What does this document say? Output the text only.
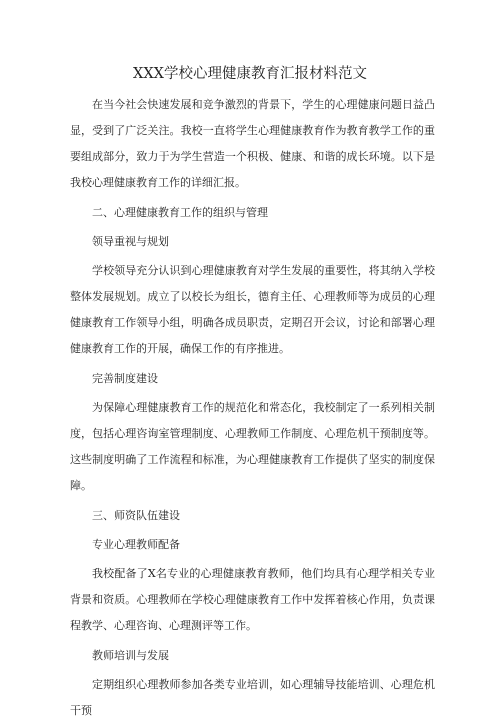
XXX学校心理健康教育汇报材料范文

在当今社会快速发展和竞争激烈的背景下，学生的心理健康问题日益凸显，受到了广泛关注。我校一直将学生心理健康教育作为教育教学工作的重要组成部分，致力于为学生营造一个积极、健康、和谐的成长环境。以下是我校心理健康教育工作的详细汇报。

二、心理健康教育工作的组织与管理

领导重视与规划

学校领导充分认识到心理健康教育对学生发展的重要性，将其纳入学校整体发展规划。成立了以校长为组长，德育主任、心理教师等为成员的心理健康教育工作领导小组，明确各成员职责，定期召开会议，讨论和部署心理健康教育工作的开展，确保工作的有序推进。

完善制度建设

为保障心理健康教育工作的规范化和常态化，我校制定了一系列相关制度，包括心理咨询室管理制度、心理教师工作制度、心理危机干预制度等。这些制度明确了工作流程和标准，为心理健康教育工作提供了坚实的制度保障。

三、师资队伍建设

专业心理教师配备

我校配备了X名专业的心理健康教育教师，他们均具有心理学相关专业背景和资质。心理教师在学校心理健康教育工作中发挥着核心作用，负责课程教学、心理咨询、心理测评等工作。

教师培训与发展

定期组织心理教师参加各类专业培训，如心理辅导技能培训、心理危机干预
